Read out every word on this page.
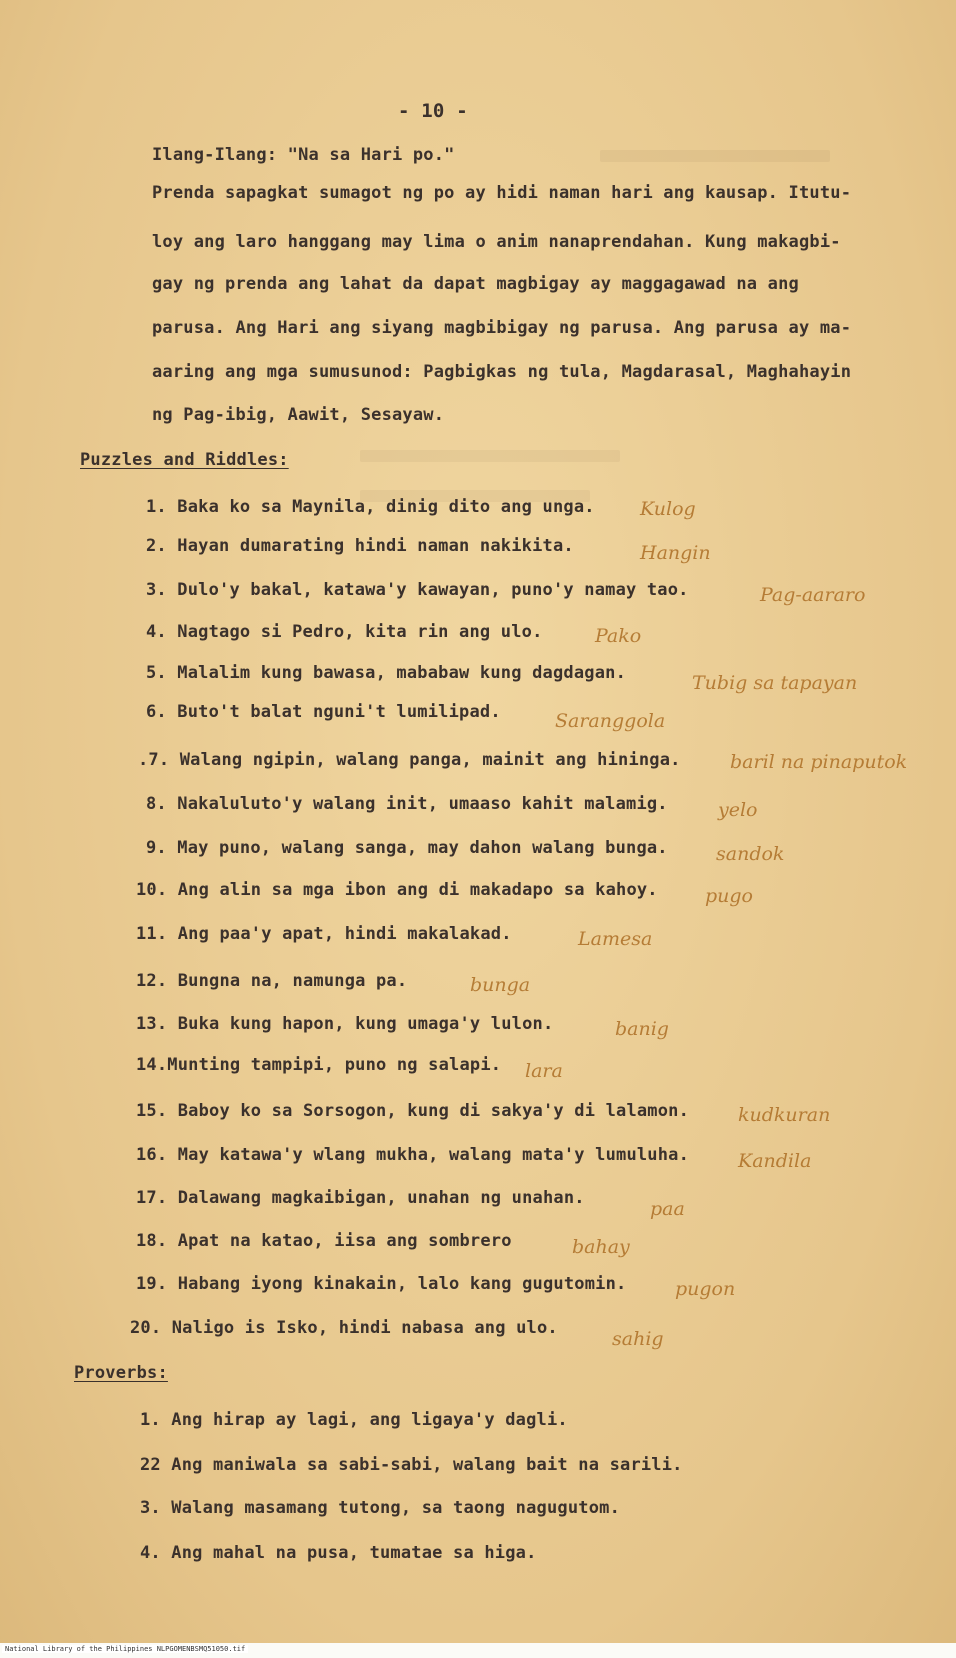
- 10 -
Ilang-Ilang: "Na sa Hari po."
Prenda sapagkat sumagot ng po ay hidi naman hari ang kausap. Itutu-
loy ang laro hanggang may lima o anim nanaprendahan. Kung makagbi-
gay ng prenda ang lahat da dapat magbigay ay maggagawad na ang
parusa. Ang Hari ang siyang magbibigay ng parusa. Ang parusa ay ma-
aaring ang mga sumusunod: Pagbigkas ng tula, Magdarasal, Maghahayin
ng Pag-ibig, Aawit, Sesayaw.
Puzzles and Riddles:
1. Baka ko sa Maynila, dinig dito ang unga. Kulog
2. Hayan dumarating hindi naman nakikita.	Hangin
3. Dulo'y bakal, katawa'y kawayan, puno'y namay tao.	Pag-aararo
4. Nagtago si Pedro, kita rin ang ulo.	Pako
5. Malalim kung bawasa, mababaw kung dagdagan.	Tubig sa tapayan
6. Buto't balat nguni't lumilipad.	Saranggola
.7. Walang ngipin, walang panga, mainit ang hininga.	baril na pinaputok
8. Nakaluluto'y walang init, umaaso kahit malamig.	yelo
9. May puno, walang sanga, may dahon walang bunga.	sandok
10. Ang alin sa mga ibon ang di makadapo sa kahoy. pugo
11. Ang paa'y apat, hindi makalakad.	Lamesa
12. Bungna na, namunga pa.	bunga
13. Buka kung hapon, kung umaga'y lulon.	banig
14.Munting tampipi, puno ng salapi. lara
15. Baboy ko sa Sorsogon, kung di sakya'y di lalamon.	kudkuran
16. May katawa'y wlang mukha, walang mata'y lumuluha.	Kandila
17. Dalawang magkaibigan, unahan ng unahan.	paa
18. Apat na katao, iisa ang sombrero	bahay
19. Habang iyong kinakain, lalo kang gugutomin.	pugon
20. Naligo is Isko, hindi nabasa ang ulo.	sahig
Proverbs:
1. Ang hirap ay lagi, ang ligaya'y dagli.
22 Ang maniwala sa sabi-sabi, walang bait na sarili.
3. Walang masamang tutong, sa taong nagugutom.
4. Ang mahal na pusa, tumatae sa higa.
National Library of the Philippines NLPGOMENBSMQ51050.tif
